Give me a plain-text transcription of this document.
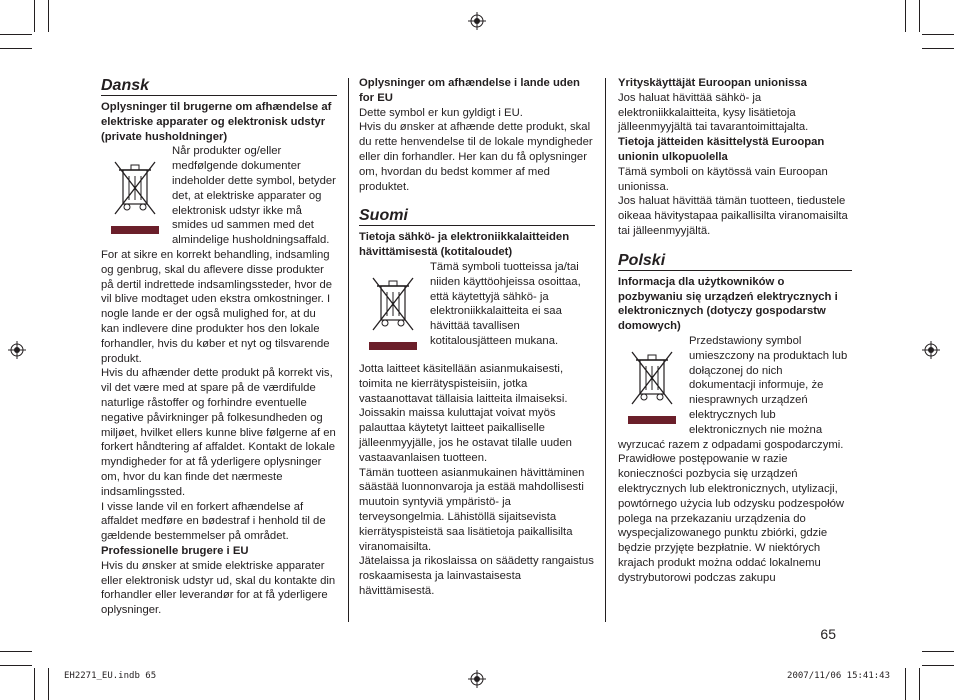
Dansk

Oplysninger til brugerne om afhændelse af elektriske apparater og elektronisk udstyr (private husholdninger)

Når produkter og/eller medfølgende dokumenter indeholder dette symbol, betyder det, at elektriske apparater og elektronisk udstyr ikke må smides ud sammen med det almindelige husholdningsaffald.

For at sikre en korrekt behandling, indsamling og genbrug, skal du aflevere disse produkter på dertil indrettede indsamlingssteder, hvor de vil blive modtaget uden ekstra omkostninger. I nogle lande er der også mulighed for, at du kan indlevere dine produkter hos den lokale forhandler, hvis du køber et nyt og tilsvarende produkt.

Hvis du afhænder dette produkt på korrekt vis, vil det være med at spare på de værdifulde naturlige råstoffer og forhindre eventuelle negative påvirkninger på folkesundheden og miljøet, hvilket ellers kunne blive følgerne af en forkert håndtering af affaldet. Kontakt de lokale myndigheder for at få yderligere oplysninger om, hvor du kan finde det nærmeste indsamlingssted.

I visse lande vil en forkert afhændelse af affaldet medføre en bødestraf i henhold til de gældende bestemmelser på området.

Professionelle brugere i EU

Hvis du ønsker at smide elektriske apparater eller elektronisk udstyr ud, skal du kontakte din forhandler eller leverandør for at få yderligere oplysninger.

Oplysninger om afhændelse i lande uden for EU

Dette symbol er kun gyldigt i EU.

Hvis du ønsker at afhænde dette produkt, skal du rette henvendelse til de lokale myndigheder eller din forhandler. Her kan du få oplysninger om, hvordan du bedst kommer af med produktet.

Suomi

Tietoja sähkö- ja elektroniikkalaitteiden hävittämisestä (kotitaloudet)

Tämä symboli tuotteissa ja/tai niiden käyttöohjeissa osoittaa, että käytettyjä sähkö- ja elektroniikkalaitteita ei saa hävittää tavallisen kotitalousjätteen mukana.

Jotta laitteet käsitellään asianmukaisesti, toimita ne kierrätyspisteisiin, jotka vastaanottavat tällaisia laitteita ilmaiseksi. Joissakin maissa kuluttajat voivat myös palauttaa käytetyt laitteet paikalliselle jälleenmyyjälle, jos he ostavat tilalle uuden vastaavanlaisen tuotteen.

Tämän tuotteen asianmukainen hävittäminen säästää luonnonvaroja ja estää mahdollisesti muutoin syntyviä ympäristö- ja terveysongelmia. Lähistöllä sijaitsevista kierrätyspisteistä saa lisätietoja paikallisilta viranomaisilta.

Jätelaissa ja rikoslaissa on säädetty rangaistus roskaamisesta ja lainvastaisesta hävittämisestä.

Yrityskäyttäjät Euroopan unionissa

Jos haluat hävittää sähkö- ja elektroniikkalaitteita, kysy lisätietoja jälleenmyyjältä tai tavarantoimittajalta.

Tietoja jätteiden käsittelystä Euroopan unionin ulkopuolella

Tämä symboli on käytössä vain Euroopan unionissa.

Jos haluat hävittää tämän tuotteen, tiedustele oikeaa hävitystapaa paikallisilta viranomaisilta tai jälleenmyyjältä.

Polski

Informacja dla użytkowników o pozbywaniu się urządzeń elektrycznych i elektronicznych (dotyczy gospodarstw domowych)

Przedstawiony symbol umieszczony na produktach lub dołączonej do nich dokumentacji informuje, że niesprawnych urządzeń elektrycznych lub elektronicznych nie można wyrzucać razem z odpadami gospodarczymi.

Prawidłowe postępowanie w razie konieczności pozbycia się urządzeń elektrycznych lub elektronicznych, utylizacji, powtórnego użycia lub odzysku podzespołów polega na przekazaniu urządzenia do wyspecjalizowanego punktu zbiórki, gdzie będzie przyjęte bezpłatnie. W niektórych krajach produkt można oddać lokalnemu dystrybutorowi podczas zakupu

65
EH2271_EU.indb 65	2007/11/06 15:41:43
